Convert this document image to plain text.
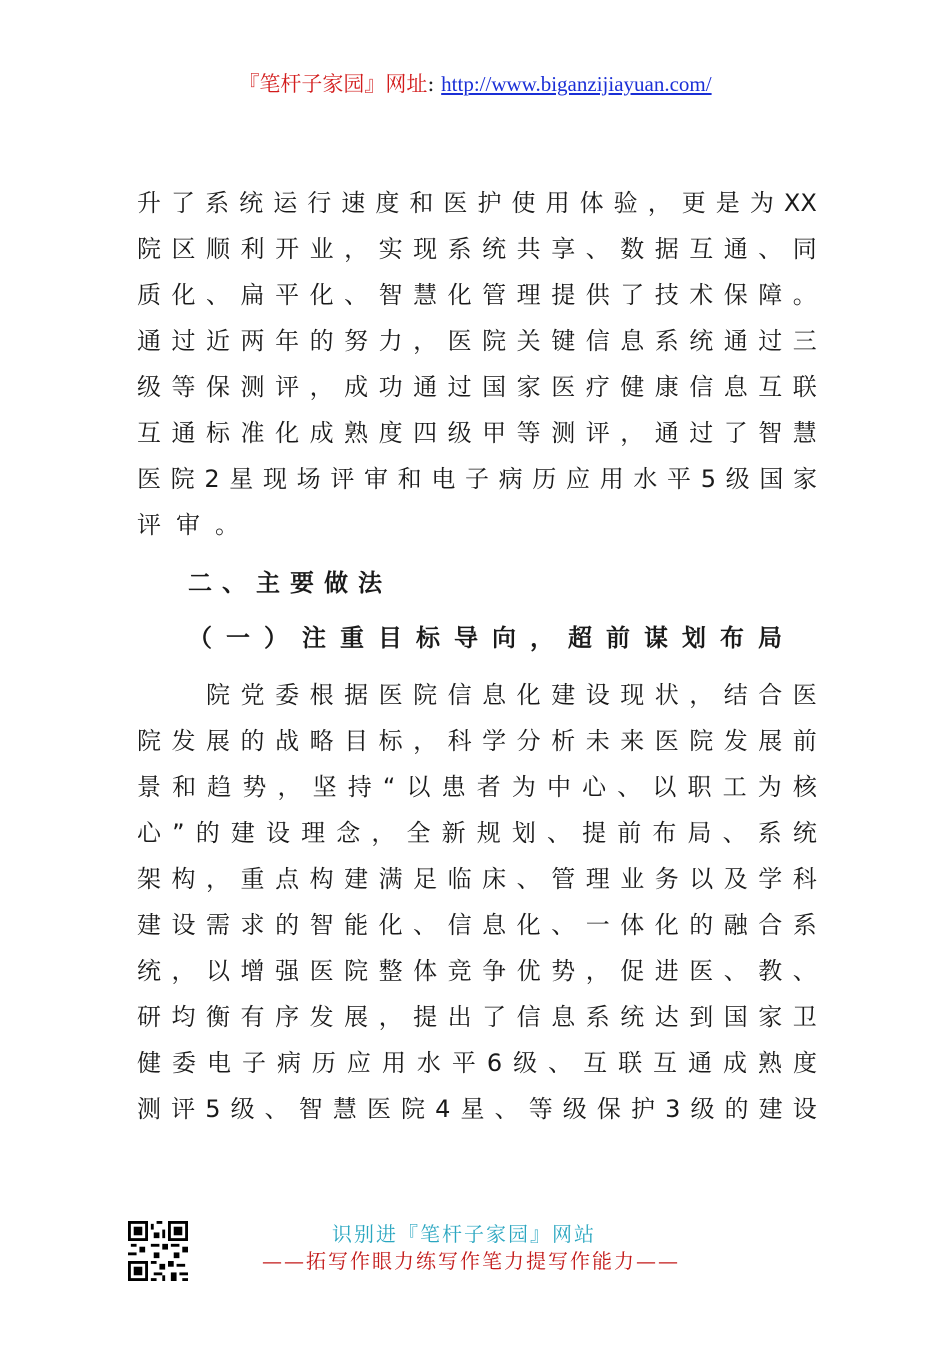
『笔杆子家园』网址: http://www.biganzijiayuan.com/
升 了 系 统 运 行 速 度 和 医 护 使 用 体 验 ， 更 是 为 XX
院 区 顺 利 开 业 ， 实 现 系 统 共 享 、 数 据 互 通 、 同
质 化 、 扁 平 化 、 智 慧 化 管 理 提 供 了 技 术 保 障 。
通 过 近 两 年 的 努 力 ， 医 院 关 键 信 息 系 统 通 过 三
级 等 保 测 评 ， 成 功 通 过 国 家 医 疗 健 康 信 息 互 联
互 通 标 准 化 成 熟 度 四 级 甲 等 测 评 ， 通 过 了 智 慧
医 院 2 星 现 场 评 审 和 电 子 病 历 应 用 水 平 5 级 国 家
评 审 。
二、主要做法
（一）注重目标导向，超前谋划布局

院 党 委 根 据 医 院 信 息 化 建 设 现 状 ， 结 合 医
院 发 展 的 战 略 目 标 ， 科 学 分 析 未 来 医 院 发 展 前
景 和 趋 势 ， 坚 持 “ 以 患 者 为 中 心 、 以 职 工 为 核
心 ” 的 建 设 理 念 ， 全 新 规 划 、 提 前 布 局 、 系 统
架 构 ， 重 点 构 建 满 足 临 床 、 管 理 业 务 以 及 学 科
建 设 需 求 的 智 能 化 、 信 息 化 、 一 体 化 的 融 合 系
统 ， 以 增 强 医 院 整 体 竞 争 优 势 ， 促 进 医 、 教 、
研 均 衡 有 序 发 展 ， 提 出 了 信 息 系 统 达 到 国 家 卫
健 委 电 子 病 历 应 用 水 平 6 级 、 互 联 互 通 成 熟 度
测 评 5 级 、 智 慧 医 院 4 星 、 等 级 保 护 3 级 的 建 设
识别进『笔杆子家园』网站
——拓写作眼力练写作笔力提写作能力——
